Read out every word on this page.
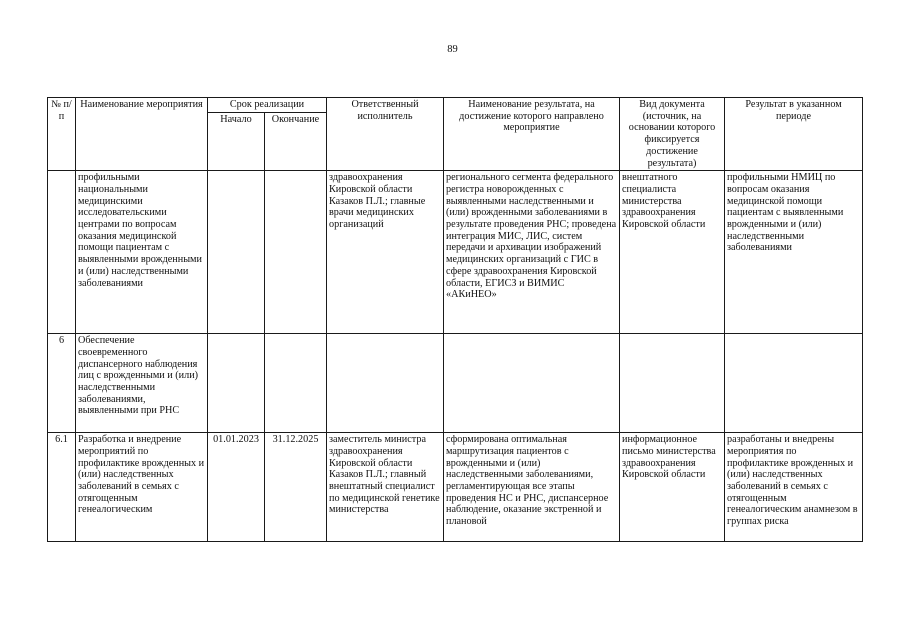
89
№ п/п	Наименование мероприятия	Срок реализации		Ответственный исполнитель	Наименование результата, на достижение которого направлено мероприятие	Вид документа (источник, на основании которого фиксируется достижение результата)	Результат в указанном периоде
		Начало	Окончание				
	профильными национальными медицинскими исследовательскими центрами по вопросам оказания медицинской помощи пациентам с выявленными врожденными и (или) наследственными заболеваниями			здравоохранения Кировской области Казаков П.Л.; главные врачи медицинских организаций	регионального сегмента федерального регистра новорожденных с выявленными наследственными и (или) врожденными заболеваниями в результате проведения РНС; проведена интеграция МИС, ЛИС, систем передачи и архивации изображений медицинских организаций с ГИС в сфере здравоохранения Кировской области, ЕГИСЗ и ВИМИС «АКиНЕО»	внештатного специалиста министерства здравоохранения Кировской области	профильными НМИЦ по вопросам оказания медицинской помощи пациентам с выявленными врожденными и (или) наследственными заболеваниями
6	Обеспечение своевременного диспансерного наблюдения лиц с врожденными и (или) наследственными заболеваниями, выявленными при РНС						
6.1	Разработка и внедрение мероприятий по профилактике врожденных и (или) наследственных заболеваний в семьях с отягощенным генеалогическим	01.01.2023	31.12.2025	заместитель министра здравоохранения Кировской области Казаков П.Л.; главный внештатный специалист по медицинской генетике министерства	сформирована оптимальная маршрутизация пациентов с врожденными и (или) наследственными заболеваниями, регламентирующая все этапы проведения НС и РНС, диспансерное наблюдение, оказание экстренной и плановой	информационное письмо министерства здравоохранения Кировской области	разработаны и внедрены мероприятия по профилактике врожденных и (или) наследственных заболеваний в семьях с отягощенным генеалогическим анамнезом в группах риска
